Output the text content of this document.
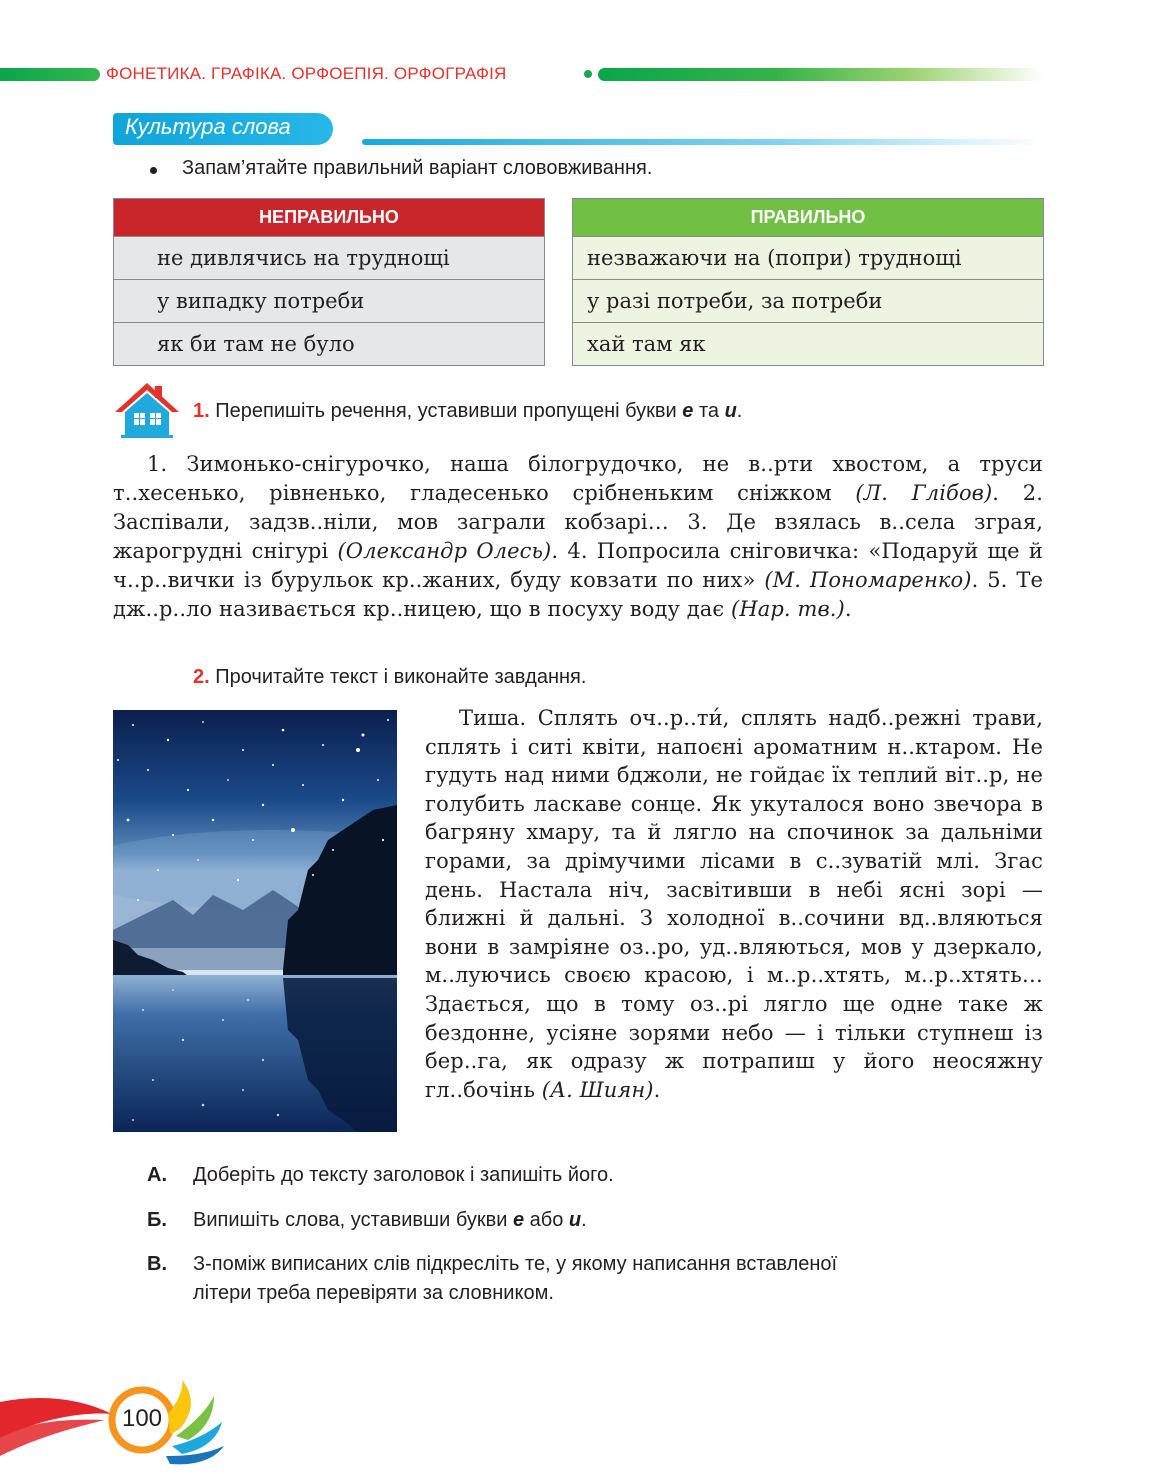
ФОНЕТИКА. ГРАФІКА. ОРФОЕПІЯ. ОРФОГРАФІЯ
Культура слова
Запам’ятайте правильний варіант слововживання.
НЕПРАВИЛЬНО
не дивлячись на труднощі
у випадку потреби
як би там не було
ПРАВИЛЬНО
незважаючи на (попри) труднощі
у разі потреби, за потреби
хай там як
1. Перепишіть речення, уставивши пропущені букви е та и.

1. Зимонько-снігурочко, наша білогрудочко, не в..рти хвостом, а труси т..хесенько, рівненько, гладесенько срібненьким сніжком (Л. Глібов). 2. Заспівали, задзв..ніли, мов заграли кобзарі… 3. Де взялась в..села зграя, жарогрудні снігурі (Олександр Олесь). 4. Попросила сніговичка: «Подаруй ще й ч..р..вички із бурульок кр..жаних, буду ковзати по них» (М. Пономаренко). 5. Те дж..р..ло називається кр..ницею, що в посуху воду дає (Нар. тв.).

2. Прочитайте текст і виконайте завдання.

Тиша. Сплять оч..р..ти́, сплять надб..режні трави, сплять і ситі квіти, напоєні ароматним н..ктаром. Не гудуть над ними бджоли, не гойдає їх теплий віт..р, не голубить ласкаве сонце. Як укуталося воно звечора в багряну хмару, та й лягло на спочинок за дальніми горами, за дрімучими лісами в с..зуватій млі. Згас день. Настала ніч, засвітивши в небі ясні зорі — ближні й дальні. З холодної в..сочини вд..вляються вони в замріяне оз..ро, уд..вляються, мов у дзеркало, м..луючись своєю красою, і м..р..хтять, м..р..хтять… Здається, що в тому оз..рі лягло ще одне таке ж бездонне, усіяне зорями небо — і тільки ступнеш із бер..га, як одразу ж потрапиш у його неосяжну гл..бочінь (А. Шиян).

А. Доберіть до тексту заголовок і запишіть його.
Б. Випишіть слова, уставивши букви е або и.
В. З-поміж виписаних слів підкресліть те, у якому написання вставленої
літери треба перевіряти за словником.
100
